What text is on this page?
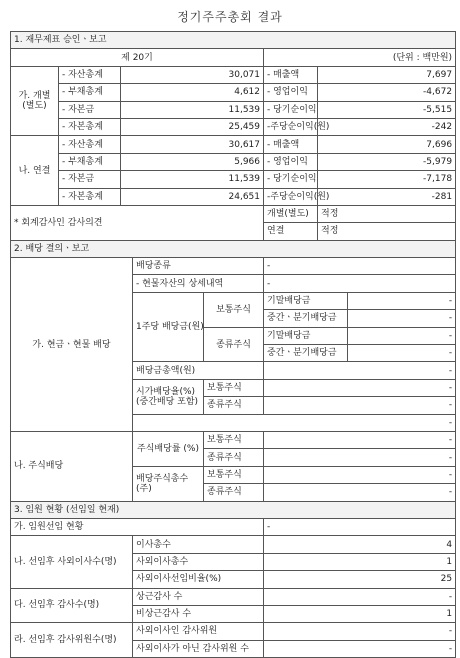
정기주주총회 결과
1. 재무제표 승인ㆍ보고							
제 20기					(단위 : 백만원)		
가. 개별(별도)	- 자산총계	30,071			- 매출액	7,697	
	- 부채총계	4,612			- 영업이익	-4,672	
	- 자본금	11,539			- 당기순이익	-5,515	
	- 자본총계	25,459			-주당순이익(원)	-242	
나. 연결	- 자산총계	30,617			- 매출액	7,696	
	- 부채총계	5,966			- 영업이익	-5,979	
	- 자본금	11,539			- 당기순이익	-7,178	
	- 자본총계	24,651			-주당순이익(원)	-281	
* 회계감사인 감사의견					개별(별도)	적정	
					연결	적정	
2. 배당 결의ㆍ보고							
가. 현금ㆍ현물 배당			배당종류		-		
			- 현물자산의 상세내역		-		
			1주당 배당금(원)	보통주식	기말배당금		-
					중간ㆍ분기배당금		-
				종류주식	기말배당금		-
					중간ㆍ분기배당금		-
			배당금총액(원)		-		
			시가배당율(%)(중간배당 포함)	보통주식	-		
				종류주식	-		
			-				
나. 주식배당			주식배당률 (%)	보통주식	-		
				종류주식	-		
			배당주식총수(주)	보통주식	-		
				종류주식	-		
3. 임원 현황 (선임일 현재)							
가. 임원선임 현황					-		
나. 선임후 사외이사수(명)			이사총수		4		
			사외이사총수		1		
			사외이사선임비율(%)		25		
다. 선임후 감사수(명)			상근감사 수		-		
			비상근감사 수		1		
라. 선임후 감사위원수(명)			사외이사인 감사위원		-		
			사외이사가 아닌 감사위원 수		-		
